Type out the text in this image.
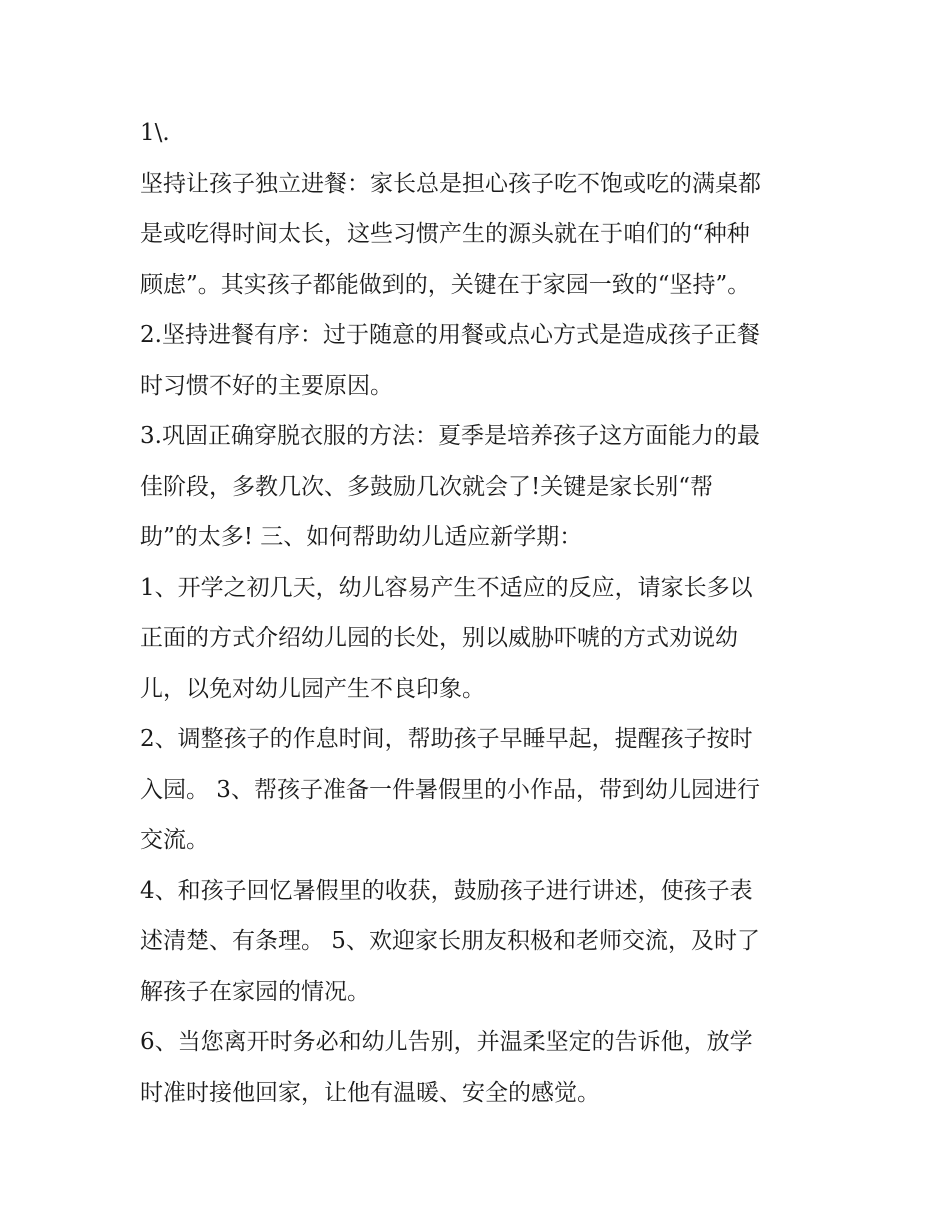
1\.
坚持让孩子独立进餐：家长总是担心孩子吃不饱或吃的满桌都
是或吃得时间太长，这些习惯产生的源头就在于咱们的“种种
顾虑”。其实孩子都能做到的，关键在于家园一致的“坚持”。
2.坚持进餐有序：过于随意的用餐或点心方式是造成孩子正餐
时习惯不好的主要原因。
3.巩固正确穿脱衣服的方法：夏季是培养孩子这方面能力的最
佳阶段，多教几次、多鼓励几次就会了!关键是家长别“帮
助”的太多! 三、如何帮助幼儿适应新学期：
1、开学之初几天，幼儿容易产生不适应的反应，请家长多以
正面的方式介绍幼儿园的长处，别以威胁吓唬的方式劝说幼
儿，以免对幼儿园产生不良印象。
2、调整孩子的作息时间，帮助孩子早睡早起，提醒孩子按时
入园。 3、帮孩子准备一件暑假里的小作品，带到幼儿园进行
交流。
4、和孩子回忆暑假里的收获，鼓励孩子进行讲述，使孩子表
述清楚、有条理。 5、欢迎家长朋友积极和老师交流，及时了
解孩子在家园的情况。
6、当您离开时务必和幼儿告别，并温柔坚定的告诉他，放学
时准时接他回家，让他有温暖、安全的感觉。
